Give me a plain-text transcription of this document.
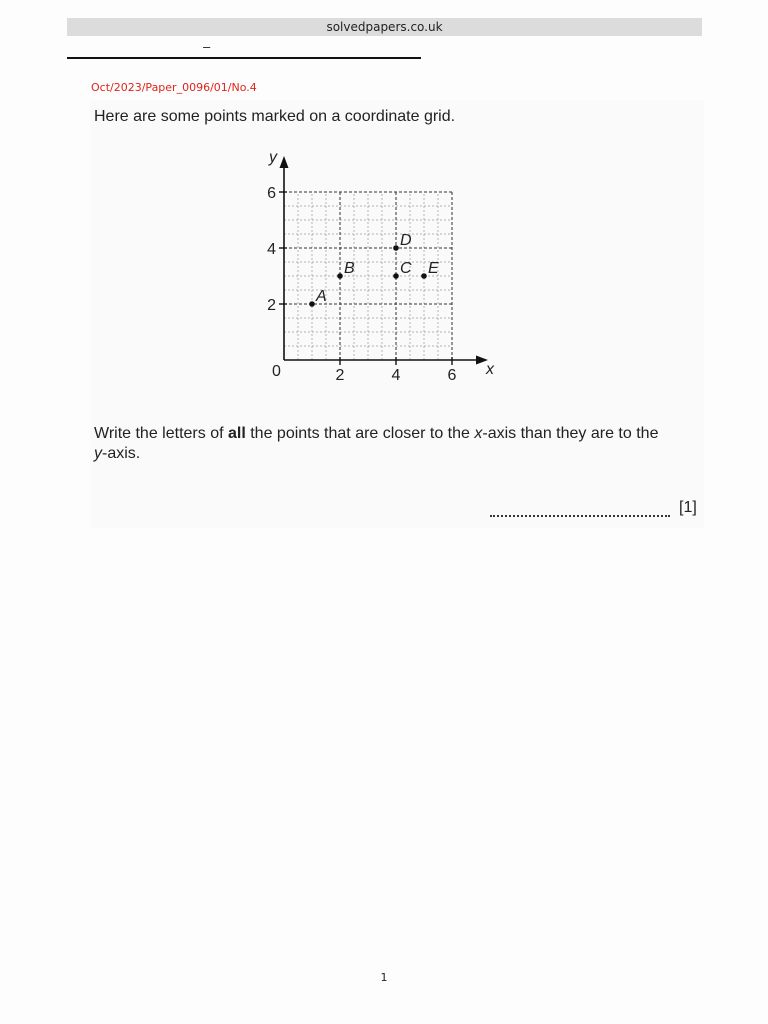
solvedpapers.co.uk
–
Oct/2023/Paper_0096/01/No.4
Here are some points marked on a coordinate grid.
2	4	6
2
4
6
x
y
0
A
B	C
D
E
Write the letters of all the points that are closer to the x-axis than they are to the
y-axis.
[1]
1
